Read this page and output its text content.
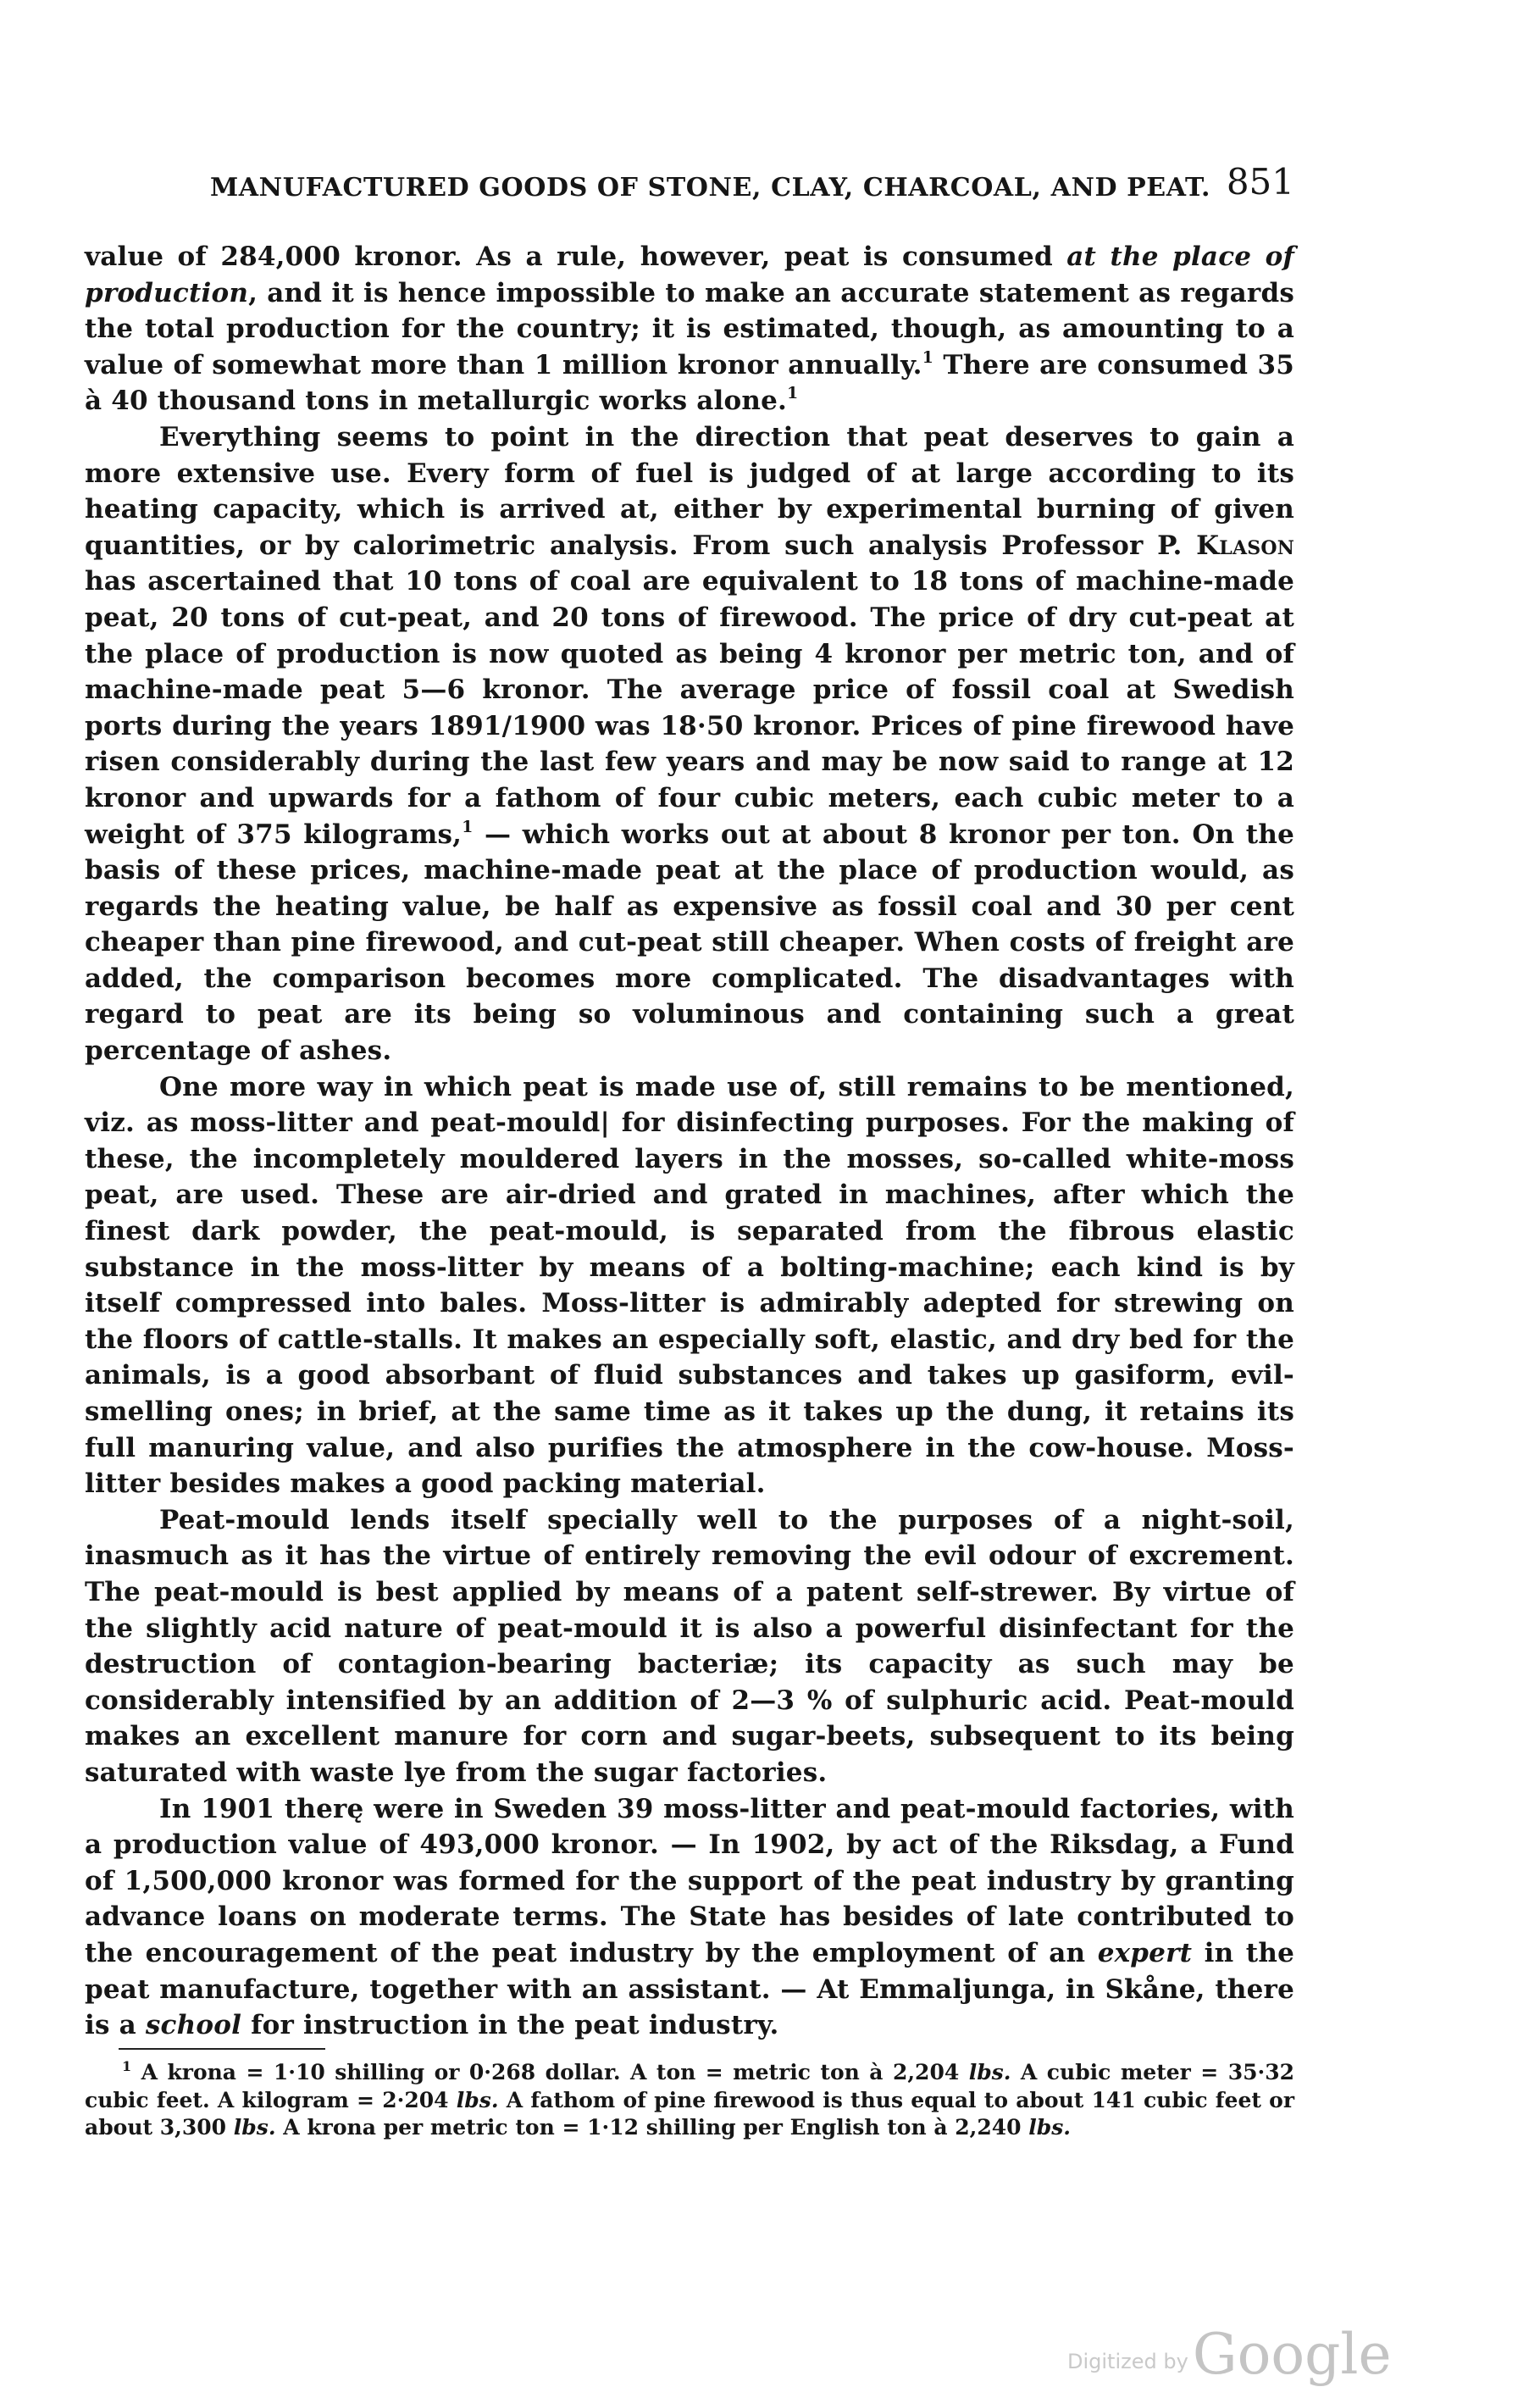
MANUFACTURED GOODS OF STONE, CLAY, CHARCOAL, AND PEAT. 851

value of 284,000 kronor. As a rule, however, peat is consumed at the place of production, and it is hence impossible to make an accurate statement as regards the total production for the country; it is estimated, though, as amounting to a value of somewhat more than 1 million kronor annually.$^1$ There are consumed 35 à 40 thousand tons in metallurgic works alone.$^1$

Everything seems to point in the direction that peat deserves to gain a more extensive use. Every form of fuel is judged of at large according to its heating capacity, which is arrived at, either by experimental burning of given quantities, or by calorimetric analysis. From such analysis Professor P. Klason has ascertained that 10 tons of coal are equivalent to 18 tons of machine-made peat, 20 tons of cut-peat, and 20 tons of firewood. The price of dry cut-peat at the place of production is now quoted as being 4 kronor per metric ton, and of machine-made peat 5—6 kronor. The average price of fossil coal at Swedish ports during the years 1891/1900 was 18·50 kronor. Prices of pine firewood have risen considerably during the last few years and may be now said to range at 12 kronor and upwards for a fathom of four cubic meters, each cubic meter to a weight of 375 kilograms,$^1$ — which works out at about 8 kronor per ton. On the basis of these prices, machine-made peat at the place of production would, as regards the heating value, be half as expensive as fossil coal and 30 per cent cheaper than pine firewood, and cut-peat still cheaper. When costs of freight are added, the comparison becomes more complicated. The disadvantages with regard to peat are its being so voluminous and containing such a great percentage of ashes.

One more way in which peat is made use of, still remains to be mentioned, viz. as moss-litter and peat-mould| for disinfecting purposes. For the making of these, the incompletely mouldered layers in the mosses, so-called white-moss peat, are used. These are air-dried and grated in machines, after which the finest dark powder, the peat-mould, is separated from the fibrous elastic substance in the moss-litter by means of a bolting-machine; each kind is by itself compressed into bales. Moss-litter is admirably adepted for strewing on the floors of cattle-stalls. It makes an especially soft, elastic, and dry bed for the animals, is a good absorbant of fluid substances and takes up gasiform, evil-smelling ones; in brief, at the same time as it takes up the dung, it retains its full manuring value, and also purifies the atmosphere in the cow-house. Moss-litter besides makes a good packing material.

Peat-mould lends itself specially well to the purposes of a night-soil, inasmuch as it has the virtue of entirely removing the evil odour of excrement. The peat-mould is best applied by means of a patent self-strewer. By virtue of the slightly acid nature of peat-mould it is also a powerful disinfectant for the destruction of contagion-bearing bacteriæ; its capacity as such may be considerably intensified by an addition of 2—3 % of sulphuric acid. Peat-mould makes an excellent manure for corn and sugar-beets, subsequent to its being saturated with waste lye from the sugar factories.

In 1901 therę were in Sweden 39 moss-litter and peat-mould factories, with a production value of 493,000 kronor. — In 1902, by act of the Riksdag, a Fund of 1,500,000 kronor was formed for the support of the peat industry by granting advance loans on moderate terms. The State has besides of late contributed to the encouragement of the peat industry by the employment of an expert in the peat manufacture, together with an assistant. — At Emmaljunga, in Skåne, there is a school for instruction in the peat industry.

$^1$ A krona = 1·10 shilling or 0·268 dollar. A ton = metric ton à 2,204 lbs. A cubic meter = 35·32 cubic feet. A kilogram = 2·204 lbs. A fathom of pine firewood is thus equal to about 141 cubic feet or about 3,300 lbs. A krona per metric ton = 1·12 shilling per English ton à 2,240 lbs.

Digitized by Google
